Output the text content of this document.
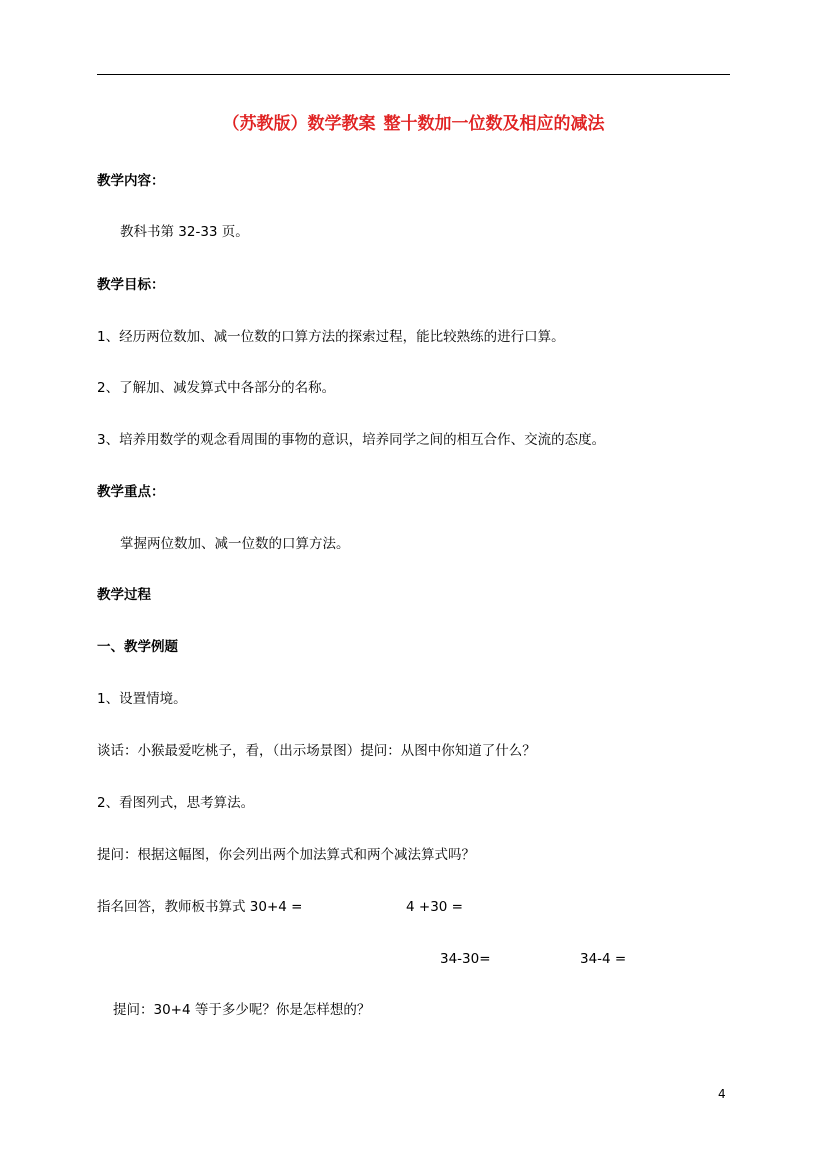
（苏教版）数学教案 整十数加一位数及相应的减法
教学内容：
教科书第 32-33 页。
教学目标：
1、经历两位数加、减一位数的口算方法的探索过程，能比较熟练的进行口算。
2、了解加、减发算式中各部分的名称。
3、培养用数学的观念看周围的事物的意识，培养同学之间的相互合作、交流的态度。
教学重点：
掌握两位数加、减一位数的口算方法。
教学过程
一、教学例题
1、设置情境。
谈话：小猴最爱吃桃子，看，（出示场景图）提问：从图中你知道了什么？
2、看图列式，思考算法。
提问：根据这幅图，你会列出两个加法算式和两个减法算式吗？
指名回答，教师板书算式 30+4 =	4 +30 =
34-30=	34-4 =
提问：30+4 等于多少呢？你是怎样想的？
4
